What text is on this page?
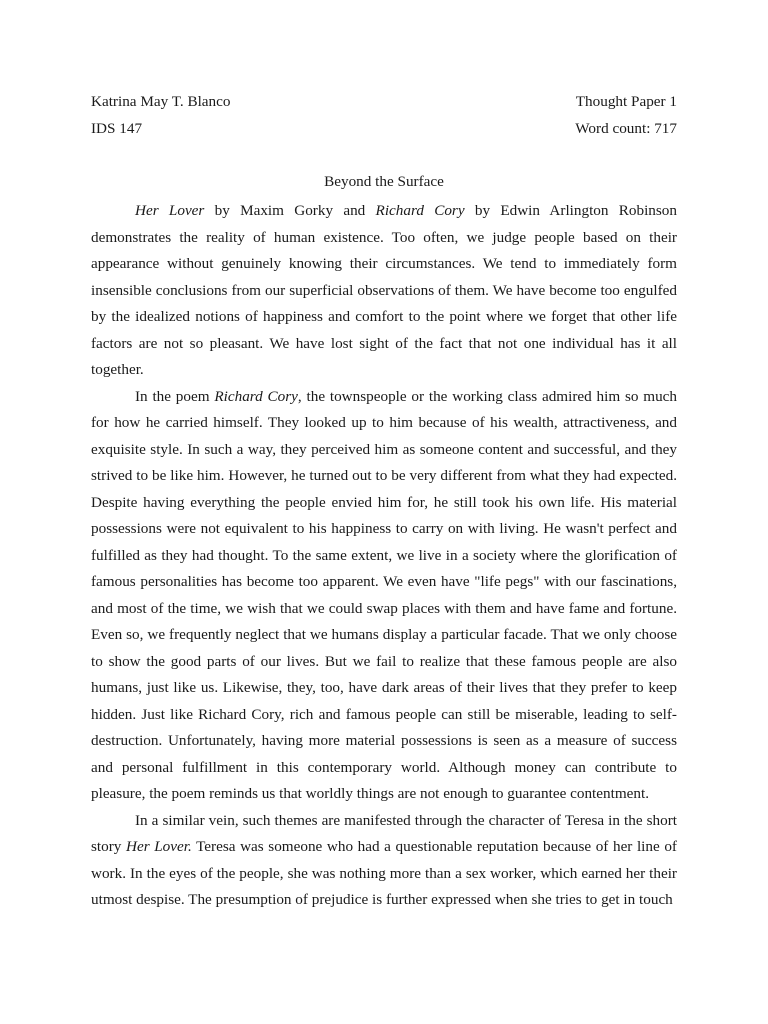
Katrina May T. Blanco	Thought Paper 1
IDS 147	Word count: 717
Beyond the Surface

Her Lover by Maxim Gorky and Richard Cory by Edwin Arlington Robinson demonstrates the reality of human existence. Too often, we judge people based on their appearance without genuinely knowing their circumstances. We tend to immediately form insensible conclusions from our superficial observations of them. We have become too engulfed by the idealized notions of happiness and comfort to the point where we forget that other life factors are not so pleasant. We have lost sight of the fact that not one individual has it all together.

In the poem Richard Cory, the townspeople or the working class admired him so much for how he carried himself. They looked up to him because of his wealth, attractiveness, and exquisite style. In such a way, they perceived him as someone content and successful, and they strived to be like him. However, he turned out to be very different from what they had expected. Despite having everything the people envied him for, he still took his own life. His material possessions were not equivalent to his happiness to carry on with living. He wasn't perfect and fulfilled as they had thought. To the same extent, we live in a society where the glorification of famous personalities has become too apparent. We even have "life pegs" with our fascinations, and most of the time, we wish that we could swap places with them and have fame and fortune. Even so, we frequently neglect that we humans display a particular facade. That we only choose to show the good parts of our lives. But we fail to realize that these famous people are also humans, just like us. Likewise, they, too, have dark areas of their lives that they prefer to keep hidden. Just like Richard Cory, rich and famous people can still be miserable, leading to self-destruction. Unfortunately, having more material possessions is seen as a measure of success and personal fulfillment in this contemporary world. Although money can contribute to pleasure, the poem reminds us that worldly things are not enough to guarantee contentment.

In a similar vein, such themes are manifested through the character of Teresa in the short story Her Lover. Teresa was someone who had a questionable reputation because of her line of work. In the eyes of the people, she was nothing more than a sex worker, which earned her their utmost despise. The presumption of prejudice is further expressed when she tries to get in touch
